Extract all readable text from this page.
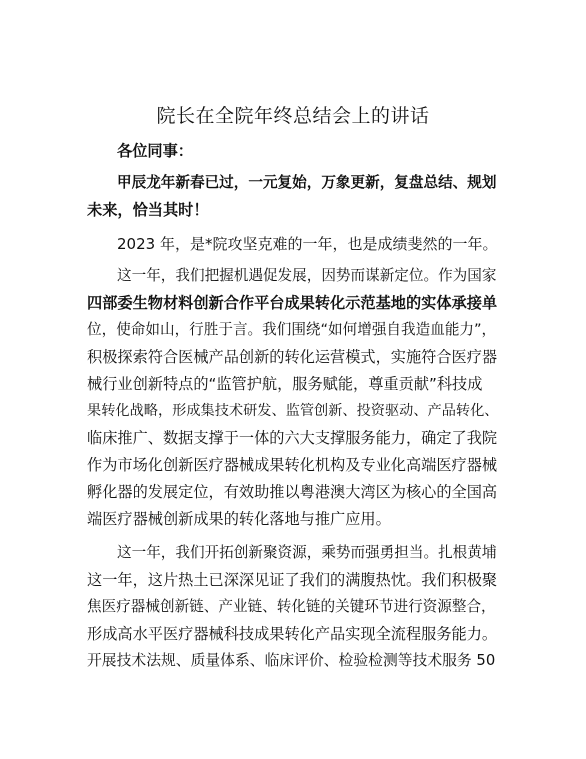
院长在全院年终总结会上的讲话
各位同事：
甲辰龙年新春已过，一元复始，万象更新，复盘总结、规划
未来，恰当其时！
2023 年，是*院攻坚克难的一年，也是成绩斐然的一年。
这一年，我们把握机遇促发展，因势而谋新定位。作为国家
四部委生物材料创新合作平台成果转化示范基地的实体承接单
位，使命如山，行胜于言。我们围绕“如何增强自我造血能力”，
积极探索符合医械产品创新的转化运营模式，实施符合医疗器
械行业创新特点的“监管护航，服务赋能，尊重贡献”科技成
果转化战略，形成集技术研发、监管创新、投资驱动、产品转化、
临床推广、数据支撑于一体的六大支撑服务能力，确定了我院
作为市场化创新医疗器械成果转化机构及专业化高端医疗器械
孵化器的发展定位，有效助推以粤港澳大湾区为核心的全国高
端医疗器械创新成果的转化落地与推广应用。
这一年，我们开拓创新聚资源，乘势而强勇担当。扎根黄埔
这一年，这片热土已深深见证了我们的满腹热忱。我们积极聚
焦医疗器械创新链、产业链、转化链的关键环节进行资源整合，
形成高水平医疗器械科技成果转化产品实现全流程服务能力。
开展技术法规、质量体系、临床评价、检验检测等技术服务 50
